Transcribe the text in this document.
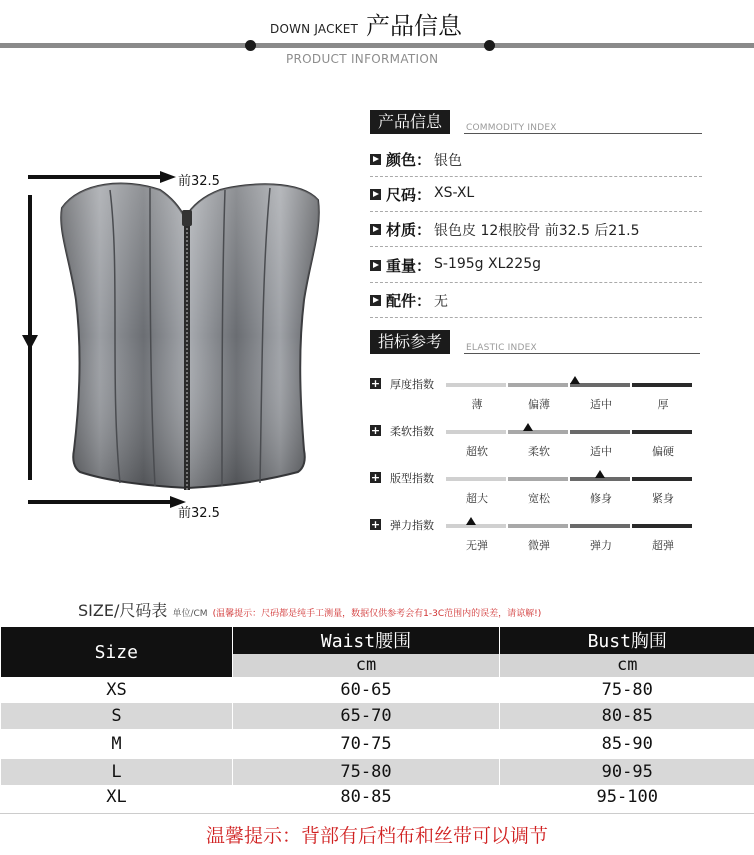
DOWN JACKET 产品信息
PRODUCT INFORMATION
前32.5
前32.5
产品信息	COMMODITY INDEX
颜色： 银色
尺码： XS-XL
材质： 银色皮 12根胶骨 前32.5 后21.5
重量： S-195g XL225g
配件： 无
指标参考	ELASTIC INDEX
+ 厚度指数
薄	偏薄	适中	厚
+ 柔软指数
超软	柔软	适中	偏硬
+ 版型指数
超大	宽松	修身	紧身
+ 弹力指数
无弹	微弹	弹力	超弹
SIZE/尺码表 单位/CM (温馨提示：尺码都是纯手工测量，数据仅供参考会有1-3C范围内的误差，请谅解!)
Size	Waist腰围	Bust胸围
	cm	cm
XS	60-65	75-80
S	65-70	80-85
M	70-75	85-90
L	75-80	90-95
XL	80-85	95-100
温馨提示：背部有后档布和丝带可以调节
